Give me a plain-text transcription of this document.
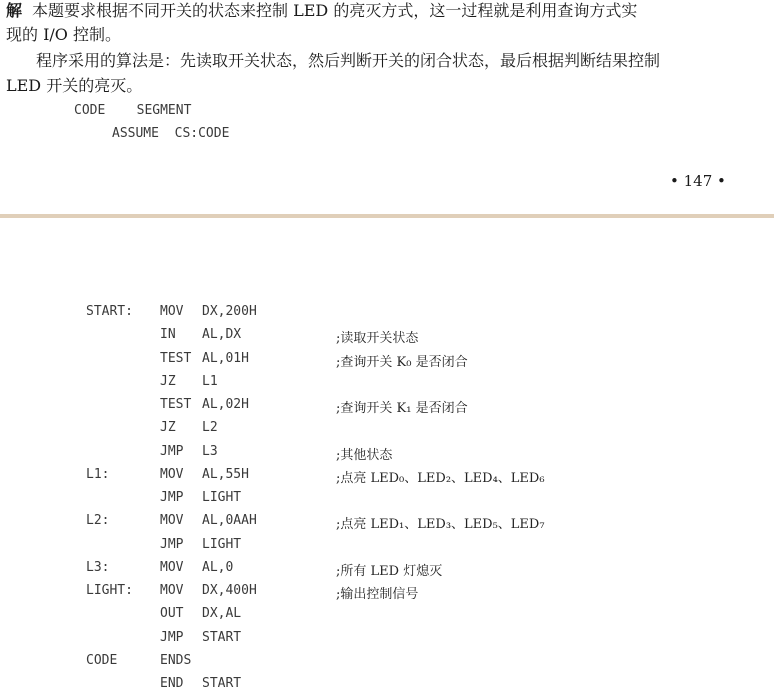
解 本题要求根据不同开关的状态来控制 LED 的亮灭方式，这一过程就是利用查询方式实

现的 I/O 控制。

程序采用的算法是：先读取开关状态，然后判断开关的闭合状态，最后根据判断结果控制

LED 开关的亮灭。

CODE    SEGMENT
ASSUME  CS:CODE
• 147 •
START: MOV DX,200H
IN AL,DX	;读取开关状态
TEST AL,01H	;查询开关 K₀ 是否闭合
JZ L1
TEST AL,02H	;查询开关 K₁ 是否闭合
JZ L2
JMP L3	;其他状态
L1:	MOV AL,55H	;点亮 LED₀、LED₂、LED₄、LED₆
JMP LIGHT
L2:	MOV AL,0AAH	;点亮 LED₁、LED₃、LED₅、LED₇
JMP LIGHT
L3:	MOV AL,0	;所有 LED 灯熄灭
LIGHT: MOV DX,400H	;输出控制信号
OUT DX,AL
JMP START
CODE	ENDS
END START
